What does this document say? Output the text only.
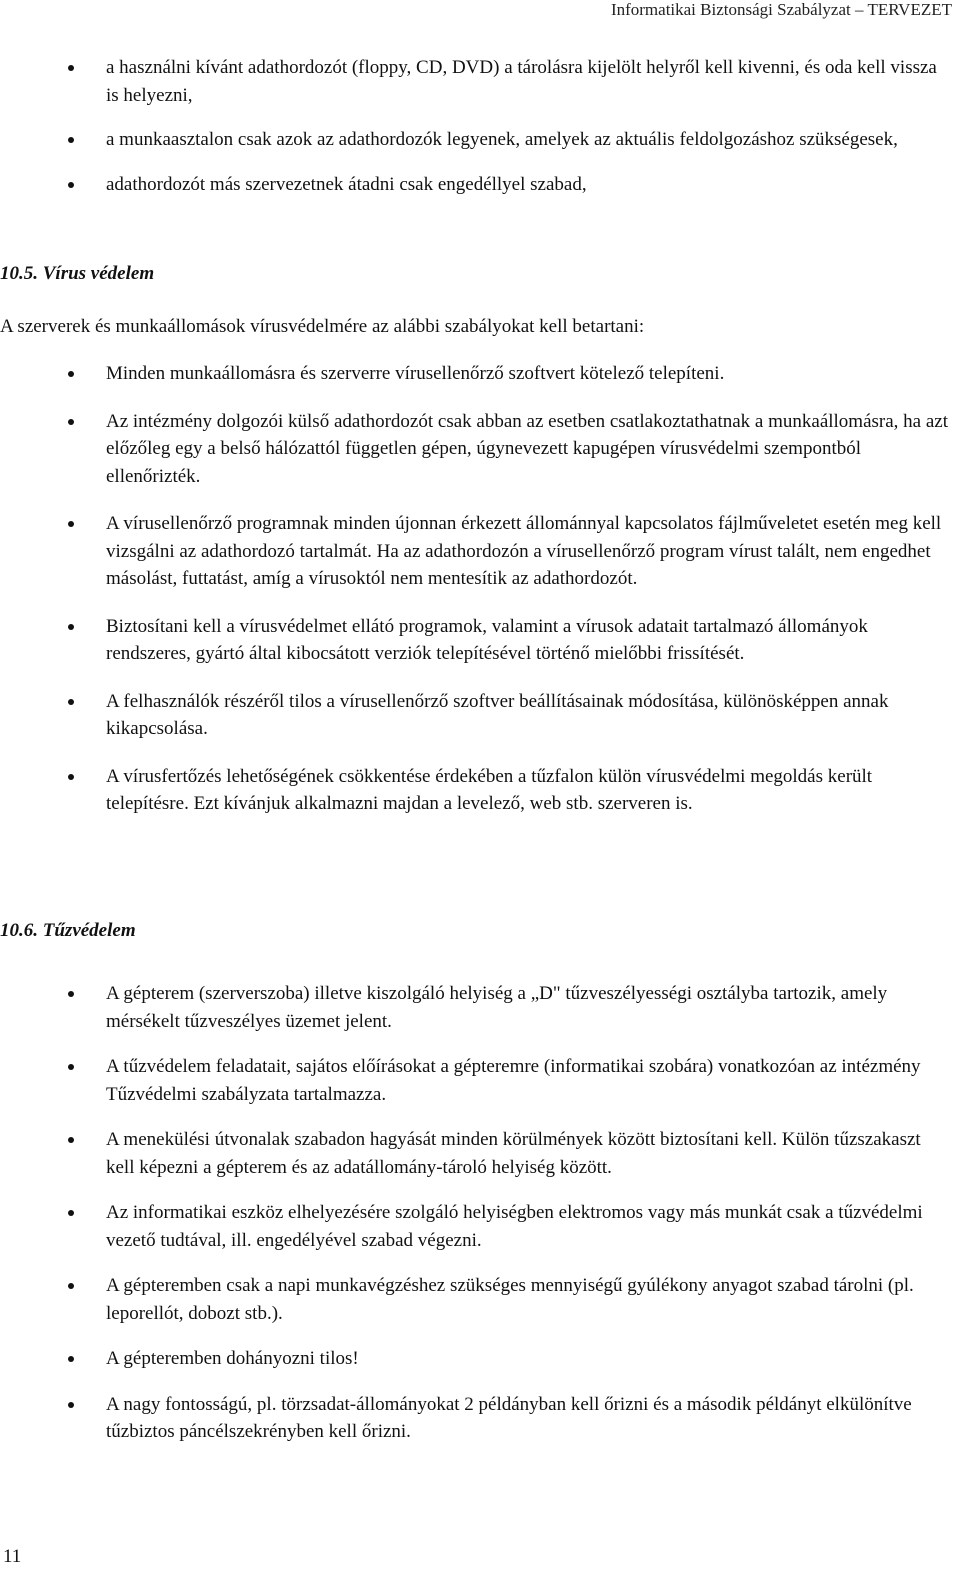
Informatikai Biztonsági Szabályzat – TERVEZET
a használni kívánt adathordozót (floppy, CD, DVD) a tárolásra kijelölt helyről kell kivenni, és oda kell vissza is helyezni,
a munkaasztalon csak azok az adathordozók legyenek, amelyek az aktuális feldolgozáshoz szükségesek,
adathordozót más szervezetnek átadni csak engedéllyel szabad,
10.5. Vírus védelem

A szerverek és munkaállomások vírusvédelmére az alábbi szabályokat kell betartani:

Minden munkaállomásra és szerverre vírusellenőrző szoftvert kötelező telepíteni.
Az intézmény dolgozói külső adathordozót csak abban az esetben csatlakoztathatnak a munkaállomásra, ha azt előzőleg egy a belső hálózattól független gépen, úgynevezett kapugépen vírusvédelmi szempontból ellenőrizték.
A vírusellenőrző programnak minden újonnan érkezett állománnyal kapcsolatos fájlműveletet esetén meg kell vizsgálni az adathordozó tartalmát. Ha az adathordozón a vírusellenőrző program vírust talált, nem engedhet másolást, futtatást, amíg a vírusoktól nem mentesítik az adathordozót.
Biztosítani kell a vírusvédelmet ellátó programok, valamint a vírusok adatait tartalmazó állományok rendszeres, gyártó által kibocsátott verziók telepítésével történő mielőbbi frissítését.
A felhasználók részéről tilos a vírusellenőrző szoftver beállításainak módosítása, különösképpen annak kikapcsolása.
A vírusfertőzés lehetőségének csökkentése érdekében a tűzfalon külön vírusvédelmi megoldás került telepítésre. Ezt kívánjuk alkalmazni majdan a levelező, web stb. szerveren is.
10.6. Tűzvédelem
A gépterem (szerverszoba) illetve kiszolgáló helyiség a „D" tűzveszélyességi osztályba tartozik, amely mérsékelt tűzveszélyes üzemet jelent.
A tűzvédelem feladatait, sajátos előírásokat a gépteremre (informatikai szobára) vonatkozóan az intézmény Tűzvédelmi szabályzata tartalmazza.
A menekülési útvonalak szabadon hagyását minden körülmények között biztosítani kell. Külön tűzszakaszt kell képezni a gépterem és az adatállomány-tároló helyiség között.
Az informatikai eszköz elhelyezésére szolgáló helyiségben elektromos vagy más munkát csak a tűzvédelmi vezető tudtával, ill. engedélyével szabad végezni.
A gépteremben csak a napi munkavégzéshez szükséges mennyiségű gyúlékony anyagot szabad tárolni (pl. leporellót, dobozt stb.).
A gépteremben dohányozni tilos!
A nagy fontosságú, pl. törzsadat-állományokat 2 példányban kell őrizni és a második példányt elkülönítve tűzbiztos páncélszekrényben kell őrizni.
11
